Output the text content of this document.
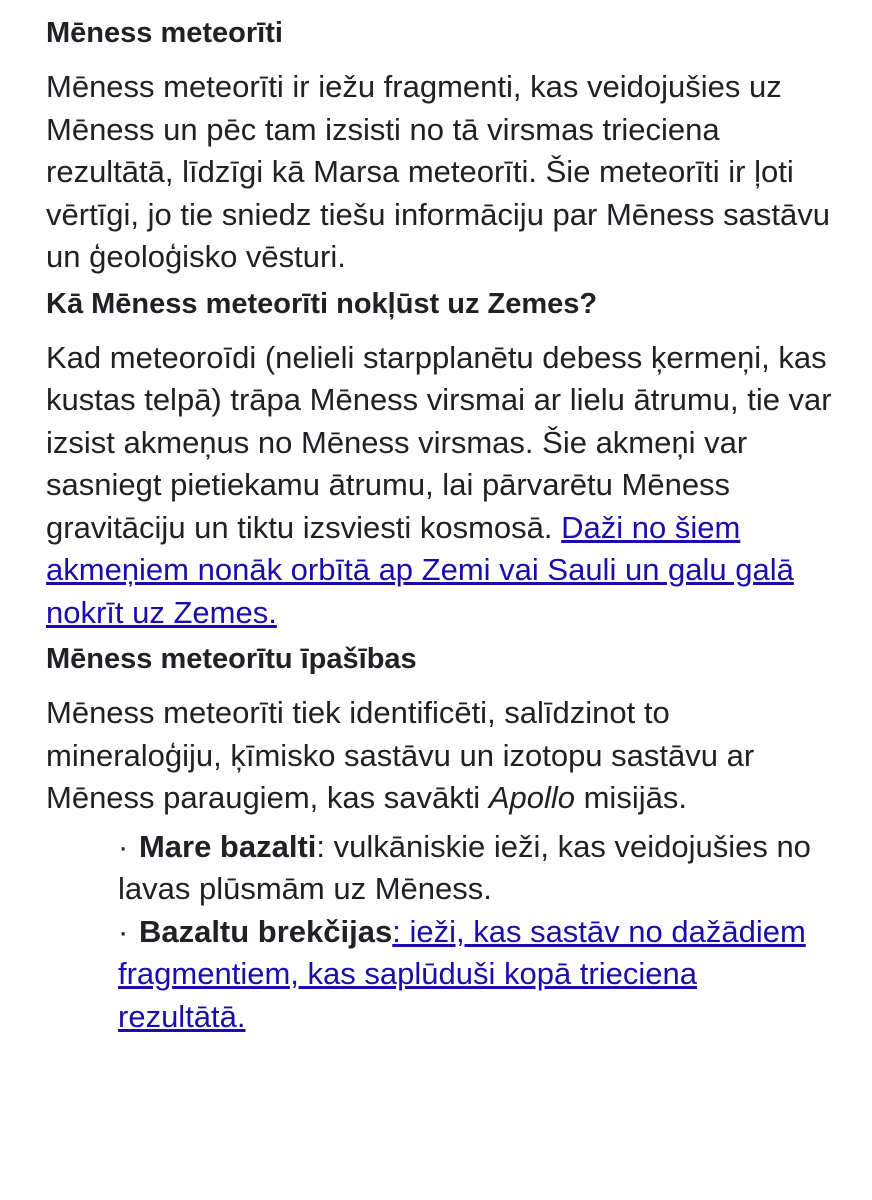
Mēness meteorīti

Mēness meteorīti ir iežu fragmenti, kas veidojušies uz Mēness un pēc tam izsisti no tā virsmas trieciena rezultātā, līdzīgi kā Marsa meteorīti. Šie meteorīti ir ļoti vērtīgi, jo tie sniedz tiešu informāciju par Mēness sastāvu un ģeoloģisko vēsturi.

Kā Mēness meteorīti nokļūst uz Zemes?

Kad meteoroīdi (nelieli starpplanētu debess ķermeņi, kas kustas telpā) trāpa Mēness virsmai ar lielu ātrumu, tie var izsist akmeņus no Mēness virsmas. Šie akmeņi var sasniegt pietiekamu ātrumu, lai pārvarētu Mēness gravitāciju un tiktu izsviesti kosmosā. Daži no šiem akmeņiem nonāk orbītā ap Zemi vai Sauli un galu galā nokrīt uz Zemes.

Mēness meteorītu īpašības

Mēness meteorīti tiek identificēti, salīdzinot to mineraloģiju, ķīmisko sastāvu un izotopu sastāvu ar Mēness paraugiem, kas savākti Apollo misijās.

· Mare bazalti: vulkāniskie ieži, kas veidojušies no lavas plūsmām uz Mēness.
· Bazaltu brekčijas: ieži, kas sastāv no dažādiem fragmentiem, kas saplūduši kopā trieciena rezultātā.
